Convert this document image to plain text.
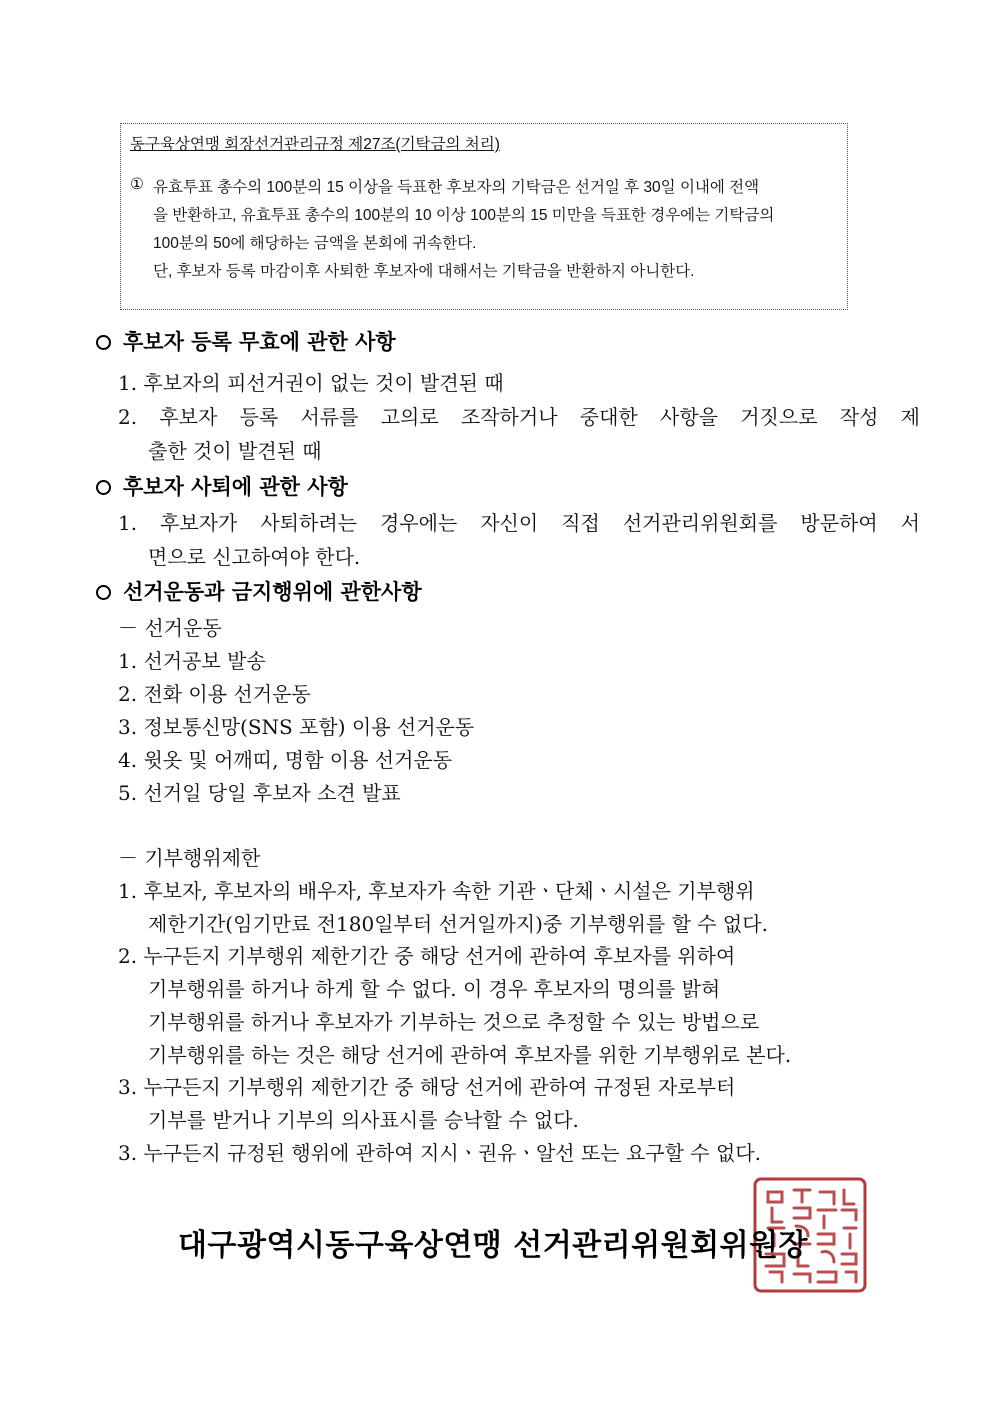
동구육상연맹 회장선거관리규정 제27조(기탁금의 처리)
① 유효투표 총수의 100분의 15 이상을 득표한 후보자의 기탁금은 선거일 후 30일 이내에 전액
을 반환하고, 유효투표 총수의 100분의 10 이상 100분의 15 미만을 득표한 경우에는 기탁금의
100분의 50에 해당하는 금액을 본회에 귀속한다.
단, 후보자 등록 마감이후 사퇴한 후보자에 대해서는 기탁금을 반환하지 아니한다.
후보자 등록 무효에 관한 사항
1. 후보자의 피선거권이 없는 것이 발견된 때
2. 후보자 등록 서류를 고의로 조작하거나 중대한 사항을 거짓으로 작성 제
출한 것이 발견된 때
후보자 사퇴에 관한 사항
1. 후보자가 사퇴하려는 경우에는 자신이 직접 선거관리위원회를 방문하여 서
면으로 신고하여야 한다.
선거운동과 금지행위에 관한사항
－ 선거운동
1. 선거공보 발송
2. 전화 이용 선거운동
3. 정보통신망(SNS 포함) 이용 선거운동
4. 윗옷 및 어깨띠, 명함 이용 선거운동
5. 선거일 당일 후보자 소견 발표
－ 기부행위제한
1. 후보자, 후보자의 배우자, 후보자가 속한 기관ㆍ단체ㆍ시설은 기부행위
제한기간(임기만료 전180일부터 선거일까지)중 기부행위를 할 수 없다.
2. 누구든지 기부행위 제한기간 중 해당 선거에 관하여 후보자를 위하여
기부행위를 하거나 하게 할 수 없다. 이 경우 후보자의 명의를 밝혀
기부행위를 하거나 후보자가 기부하는 것으로 추정할 수 있는 방법으로
기부행위를 하는 것은 해당 선거에 관하여 후보자를 위한 기부행위로 본다.
3. 누구든지 기부행위 제한기간 중 해당 선거에 관하여 규정된 자로부터
기부를 받거나 기부의 의사표시를 승낙할 수 없다.
3. 누구든지 규정된 행위에 관하여 지시ㆍ권유ㆍ알선 또는 요구할 수 없다.
대구광역시동구육상연맹 선거관리위원회위원장
